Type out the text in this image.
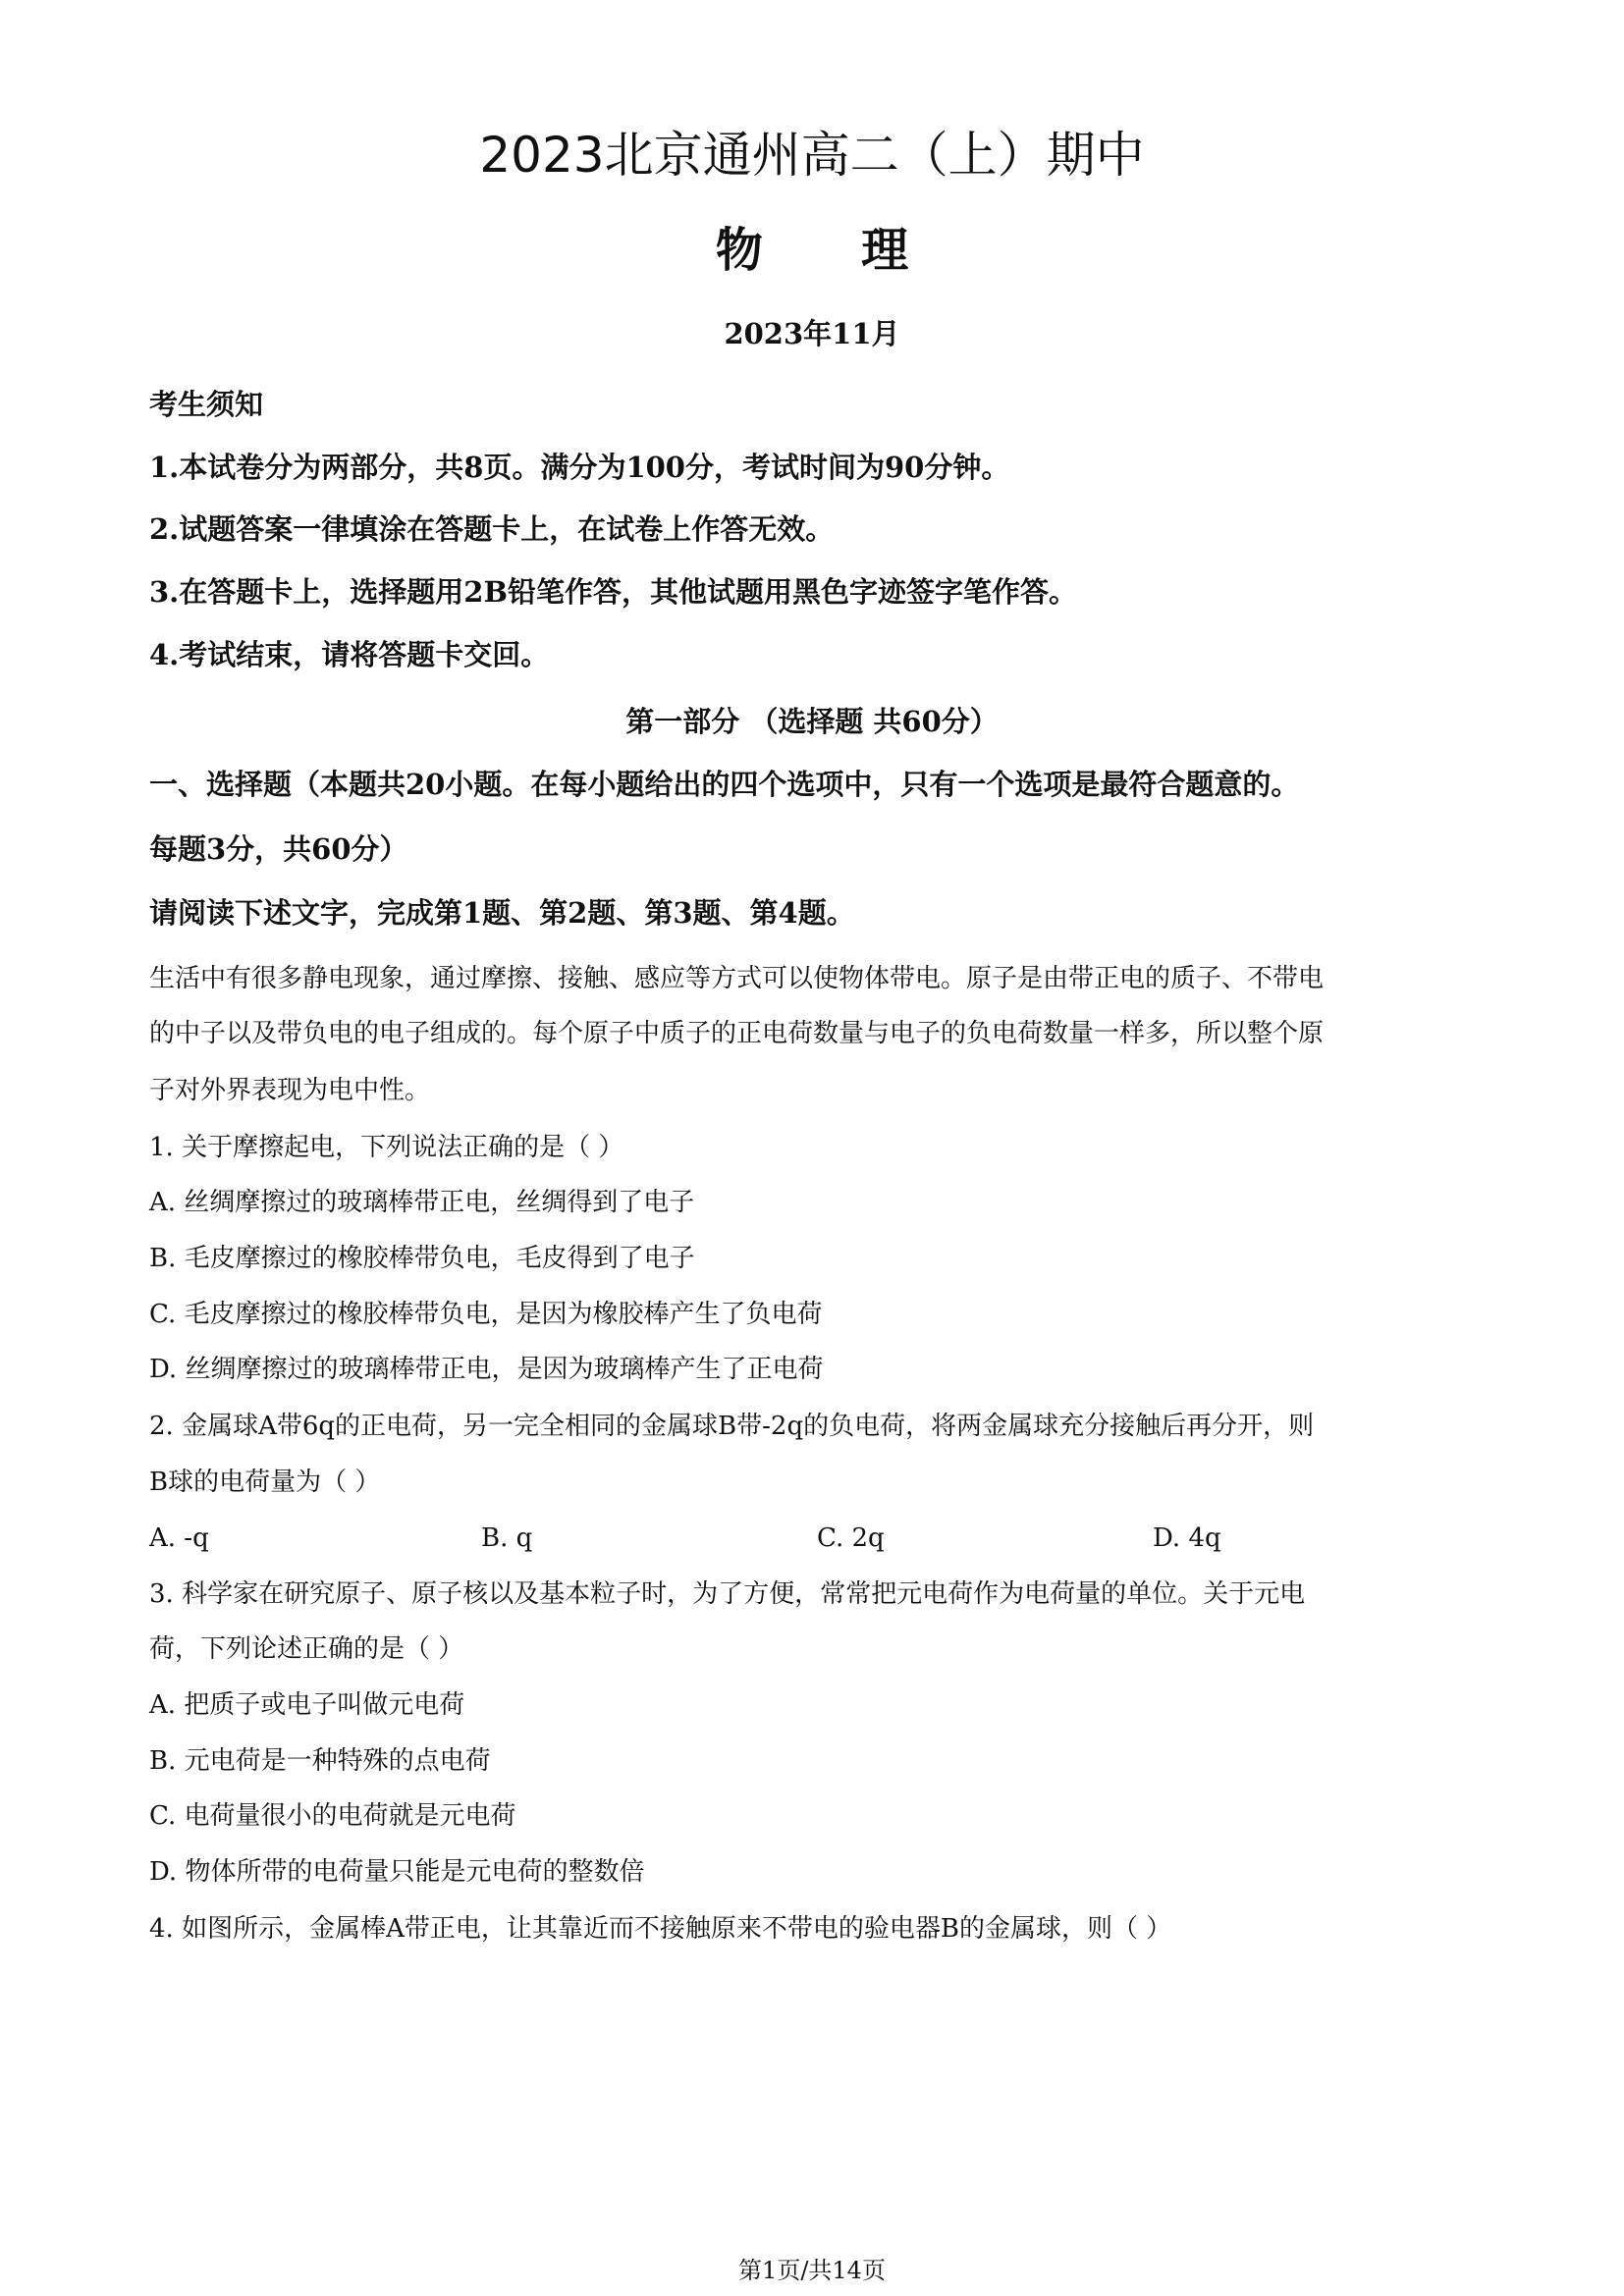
2023北京通州高二（上）期中
物      理
2023年11月
考生须知
1.本试卷分为两部分，共8页。满分为100分，考试时间为90分钟。
2.试题答案一律填涂在答题卡上，在试卷上作答无效。
3.在答题卡上，选择题用2B铅笔作答，其他试题用黑色字迹签字笔作答。
4.考试结束，请将答题卡交回。
第一部分 （选择题 共60分）
一、选择题（本题共20小题。在每小题给出的四个选项中，只有一个选项是最符合题意的。
每题3分，共60分）
请阅读下述文字，完成第1题、第2题、第3题、第4题。
生活中有很多静电现象，通过摩擦、接触、感应等方式可以使物体带电。原子是由带正电的质子、不带电
的中子以及带负电的电子组成的。每个原子中质子的正电荷数量与电子的负电荷数量一样多，所以整个原
子对外界表现为电中性。
1. 关于摩擦起电，下列说法正确的是（ ）
A. 丝绸摩擦过的玻璃棒带正电，丝绸得到了电子
B. 毛皮摩擦过的橡胶棒带负电，毛皮得到了电子
C. 毛皮摩擦过的橡胶棒带负电，是因为橡胶棒产生了负电荷
D. 丝绸摩擦过的玻璃棒带正电，是因为玻璃棒产生了正电荷
2. 金属球A带6q的正电荷，另一完全相同的金属球B带-2q的负电荷，将两金属球充分接触后再分开，则
B球的电荷量为（ ）
A. -q	B. q	C. 2q	D. 4q
3. 科学家在研究原子、原子核以及基本粒子时，为了方便，常常把元电荷作为电荷量的单位。关于元电
荷，下列论述正确的是（ ）
A. 把质子或电子叫做元电荷
B. 元电荷是一种特殊的点电荷
C. 电荷量很小的电荷就是元电荷
D. 物体所带的电荷量只能是元电荷的整数倍
4. 如图所示，金属棒A带正电，让其靠近而不接触原来不带电的验电器B的金属球，则（ ）
第1页/共14页
